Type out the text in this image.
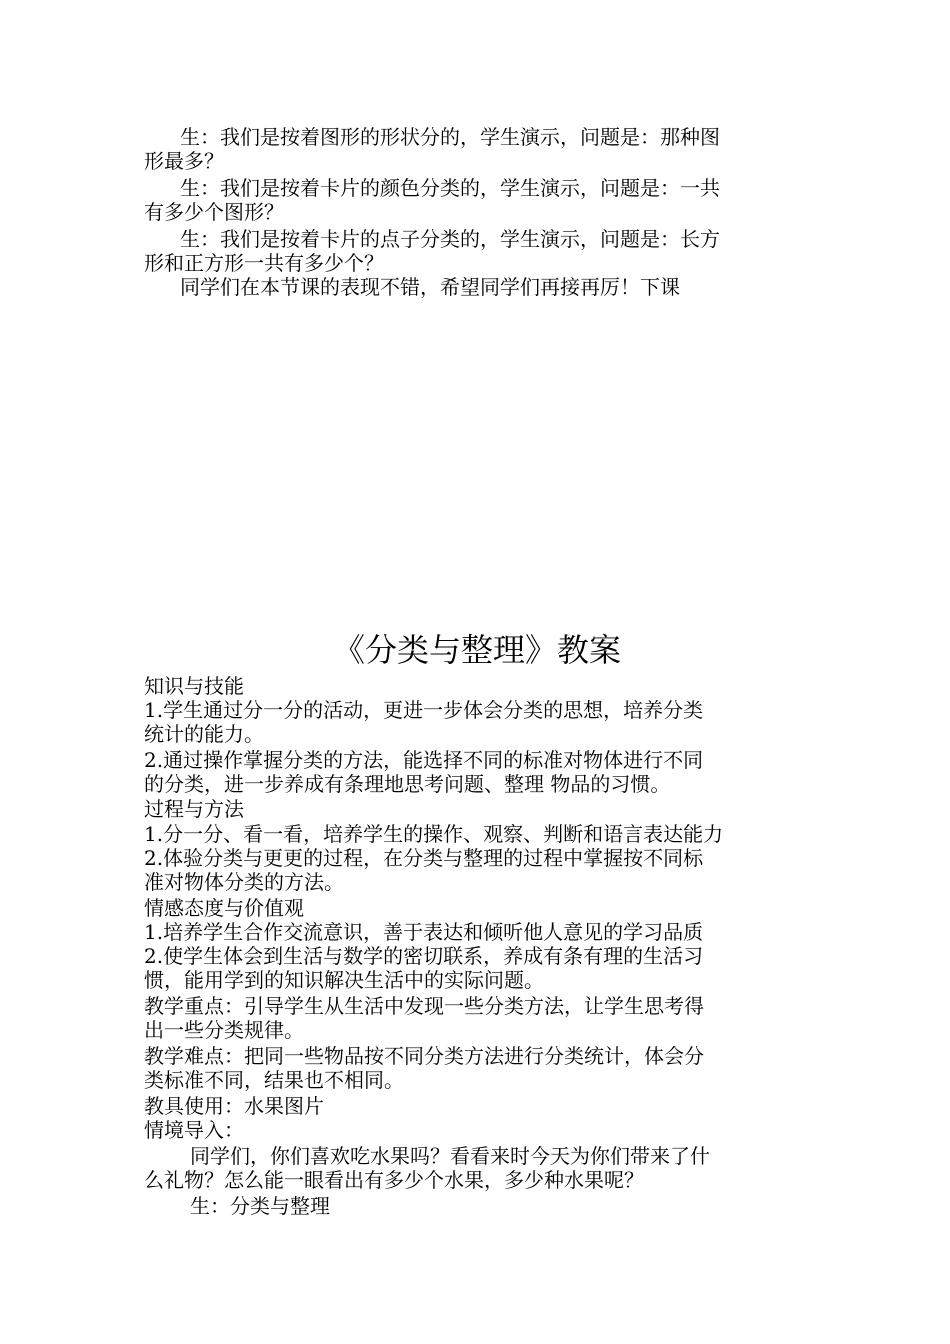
生：我们是按着图形的形状分的，学生演示，问题是：那种图
形最多？
生：我们是按着卡片的颜色分类的，学生演示，问题是：一共
有多少个图形？
生：我们是按着卡片的点子分类的，学生演示，问题是：长方
形和正方形一共有多少个？
同学们在本节课的表现不错，希望同学们再接再厉！下课
《分类与整理》教案
知识与技能
1.学生通过分一分的活动，更进一步体会分类的思想，培养分类
统计的能力。
2.通过操作掌握分类的方法，能选择不同的标准对物体进行不同
的分类，进一步养成有条理地思考问题、整理 物品的习惯。
过程与方法
1.分一分、看一看，培养学生的操作、观察、判断和语言表达能力
2.体验分类与更更的过程，在分类与整理的过程中掌握按不同标
准对物体分类的方法。
情感态度与价值观
1.培养学生合作交流意识，善于表达和倾听他人意见的学习品质
2.使学生体会到生活与数学的密切联系，养成有条有理的生活习
惯，能用学到的知识解决生活中的实际问题。
教学重点：引导学生从生活中发现一些分类方法，让学生思考得
出一些分类规律。
教学难点：把同一些物品按不同分类方法进行分类统计，体会分
类标准不同，结果也不相同。
教具使用：水果图片
情境导入：
同学们，你们喜欢吃水果吗？看看来时今天为你们带来了什
么礼物？怎么能一眼看出有多少个水果，多少种水果呢？
生：分类与整理
